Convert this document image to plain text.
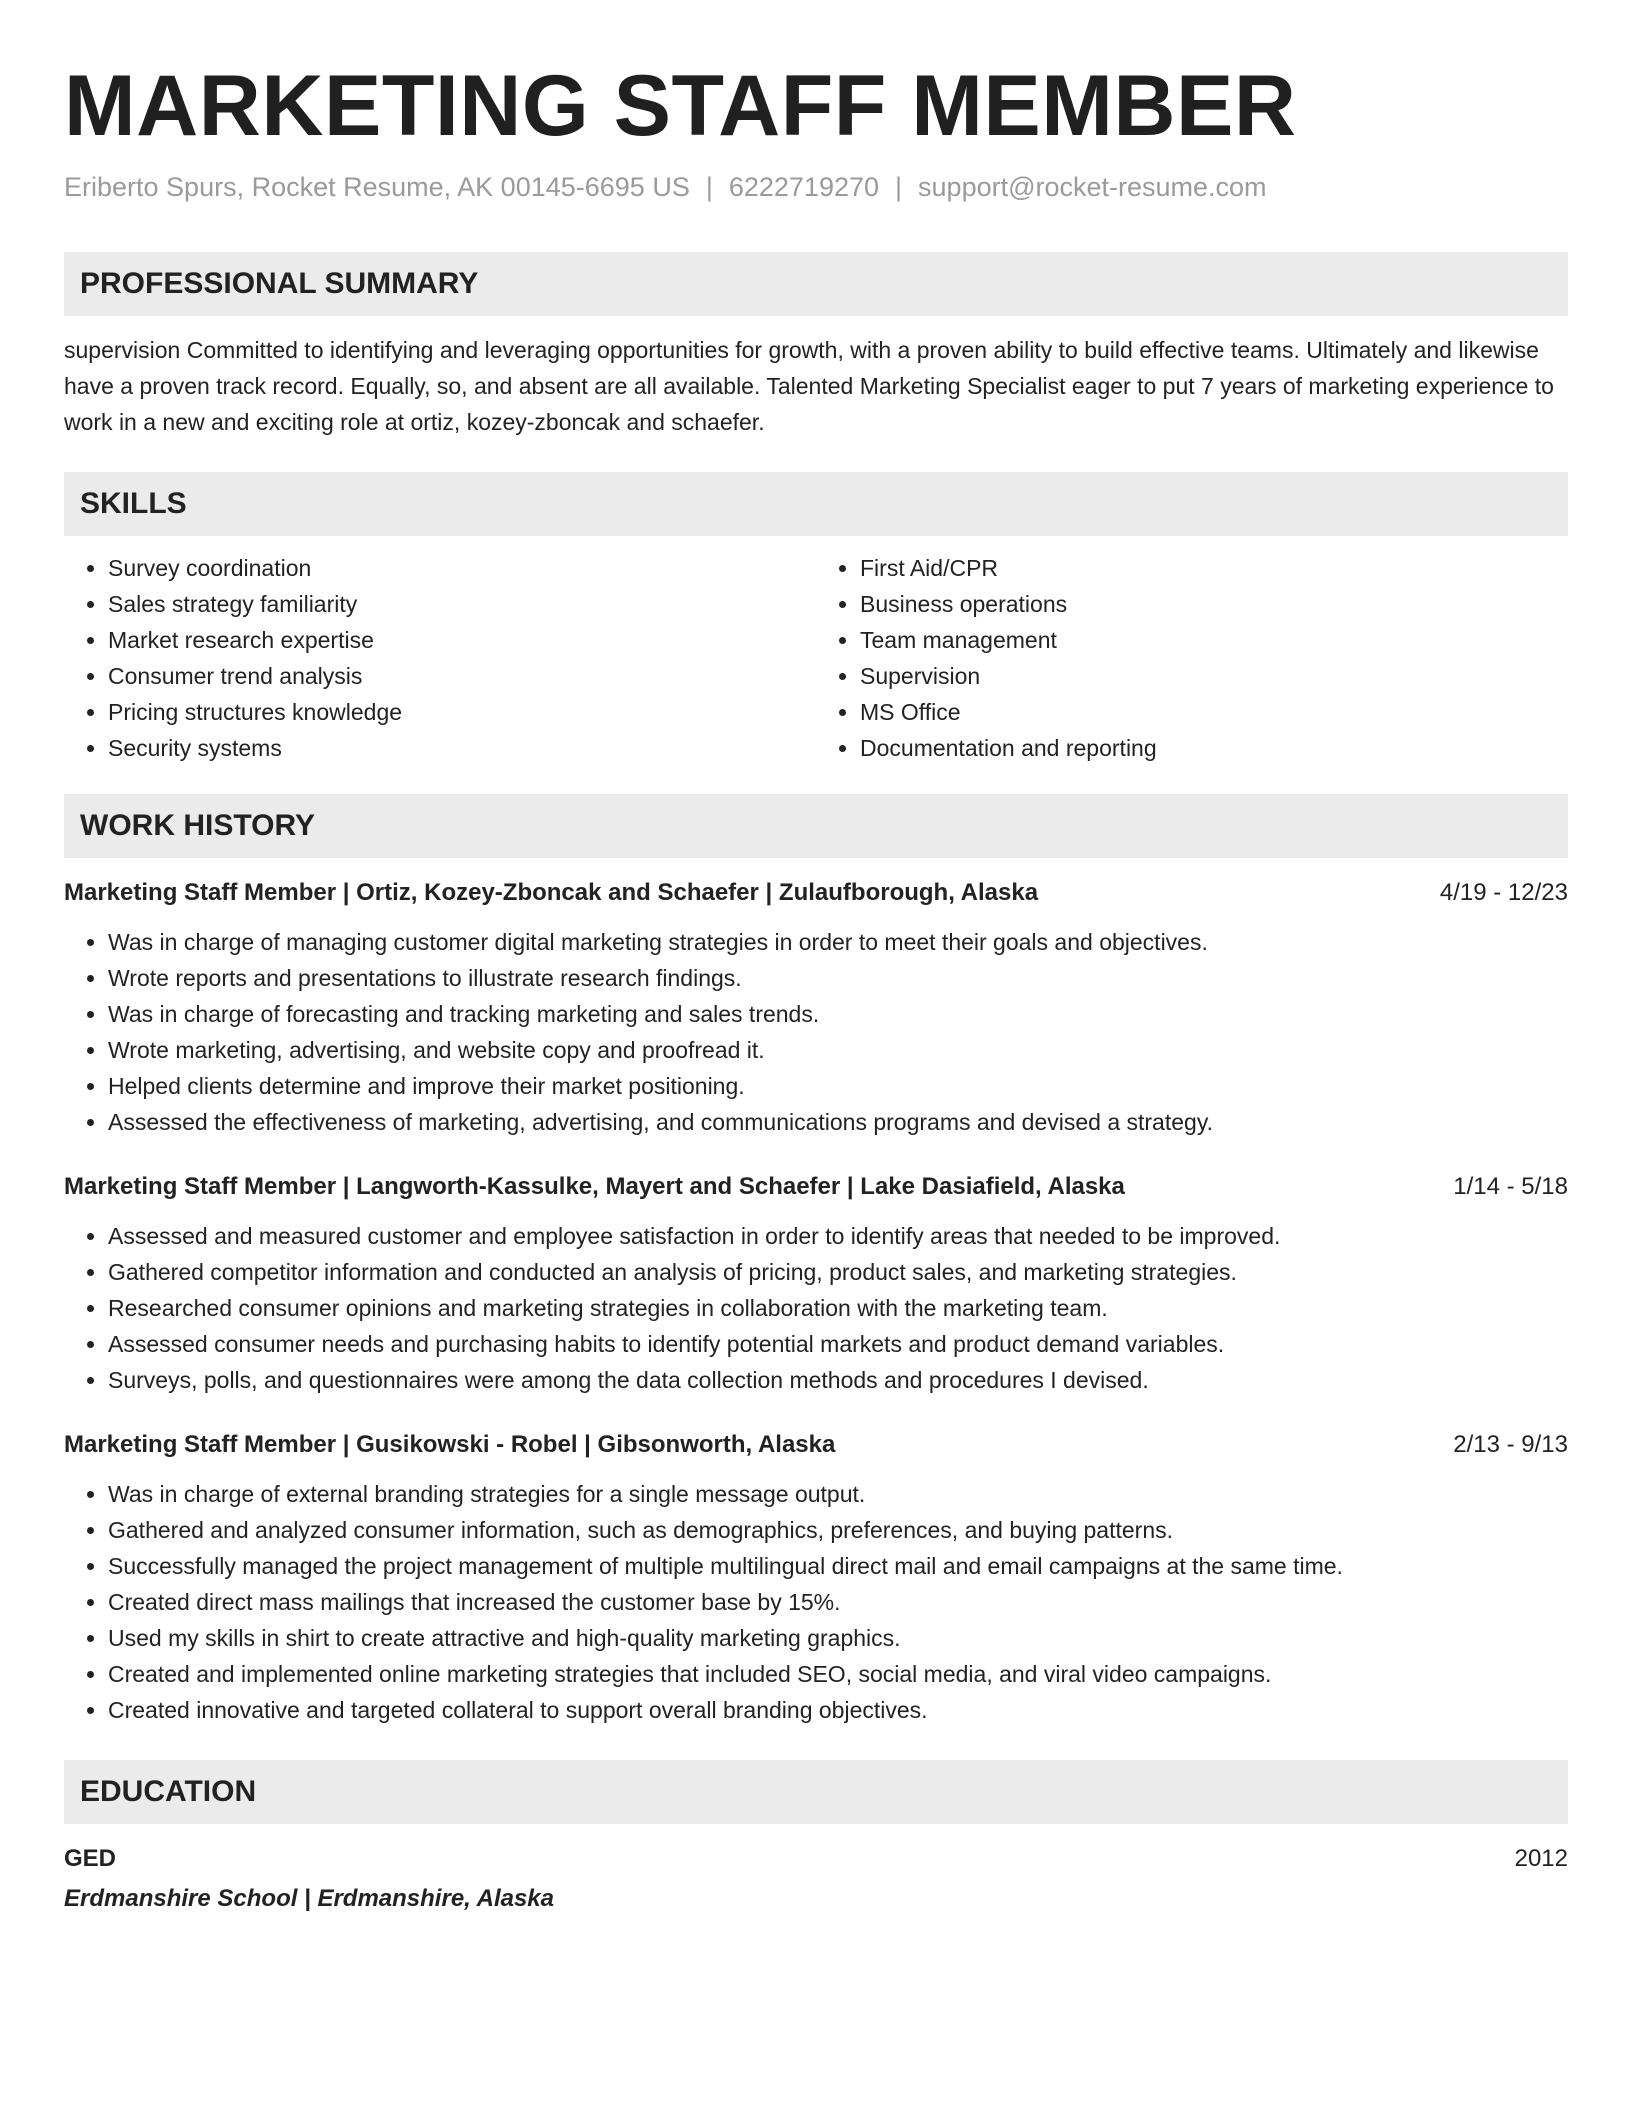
MARKETING STAFF MEMBER
Eriberto Spurs, Rocket Resume, AK 00145-6695 US | 6222719270 | support@rocket-resume.com
PROFESSIONAL SUMMARY

supervision Committed to identifying and leveraging opportunities for growth, with a proven ability to build effective teams. Ultimately and likewise have a proven track record. Equally, so, and absent are all available. Talented Marketing Specialist eager to put 7 years of marketing experience to work in a new and exciting role at ortiz, kozey-zboncak and schaefer.

SKILLS
• Survey coordination
• Sales strategy familiarity
• Market research expertise
• Consumer trend analysis
• Pricing structures knowledge
• Security systems
• First Aid/CPR
• Business operations
• Team management
• Supervision
• MS Office
• Documentation and reporting
WORK HISTORY
Marketing Staff Member | Ortiz, Kozey-Zboncak and Schaefer | Zulaufborough, Alaska	4/19 - 12/23
• Was in charge of managing customer digital marketing strategies in order to meet their goals and objectives.
• Wrote reports and presentations to illustrate research findings.
• Was in charge of forecasting and tracking marketing and sales trends.
• Wrote marketing, advertising, and website copy and proofread it.
• Helped clients determine and improve their market positioning.
• Assessed the effectiveness of marketing, advertising, and communications programs and devised a strategy.
Marketing Staff Member | Langworth-Kassulke, Mayert and Schaefer | Lake Dasiafield, Alaska	1/14 - 5/18
• Assessed and measured customer and employee satisfaction in order to identify areas that needed to be improved.
• Gathered competitor information and conducted an analysis of pricing, product sales, and marketing strategies.
• Researched consumer opinions and marketing strategies in collaboration with the marketing team.
• Assessed consumer needs and purchasing habits to identify potential markets and product demand variables.
• Surveys, polls, and questionnaires were among the data collection methods and procedures I devised.
Marketing Staff Member | Gusikowski - Robel | Gibsonworth, Alaska	2/13 - 9/13
• Was in charge of external branding strategies for a single message output.
• Gathered and analyzed consumer information, such as demographics, preferences, and buying patterns.
• Successfully managed the project management of multiple multilingual direct mail and email campaigns at the same time.
• Created direct mass mailings that increased the customer base by 15%.
• Used my skills in shirt to create attractive and high-quality marketing graphics.
• Created and implemented online marketing strategies that included SEO, social media, and viral video campaigns.
• Created innovative and targeted collateral to support overall branding objectives.
EDUCATION
GED	2012
Erdmanshire School | Erdmanshire, Alaska
